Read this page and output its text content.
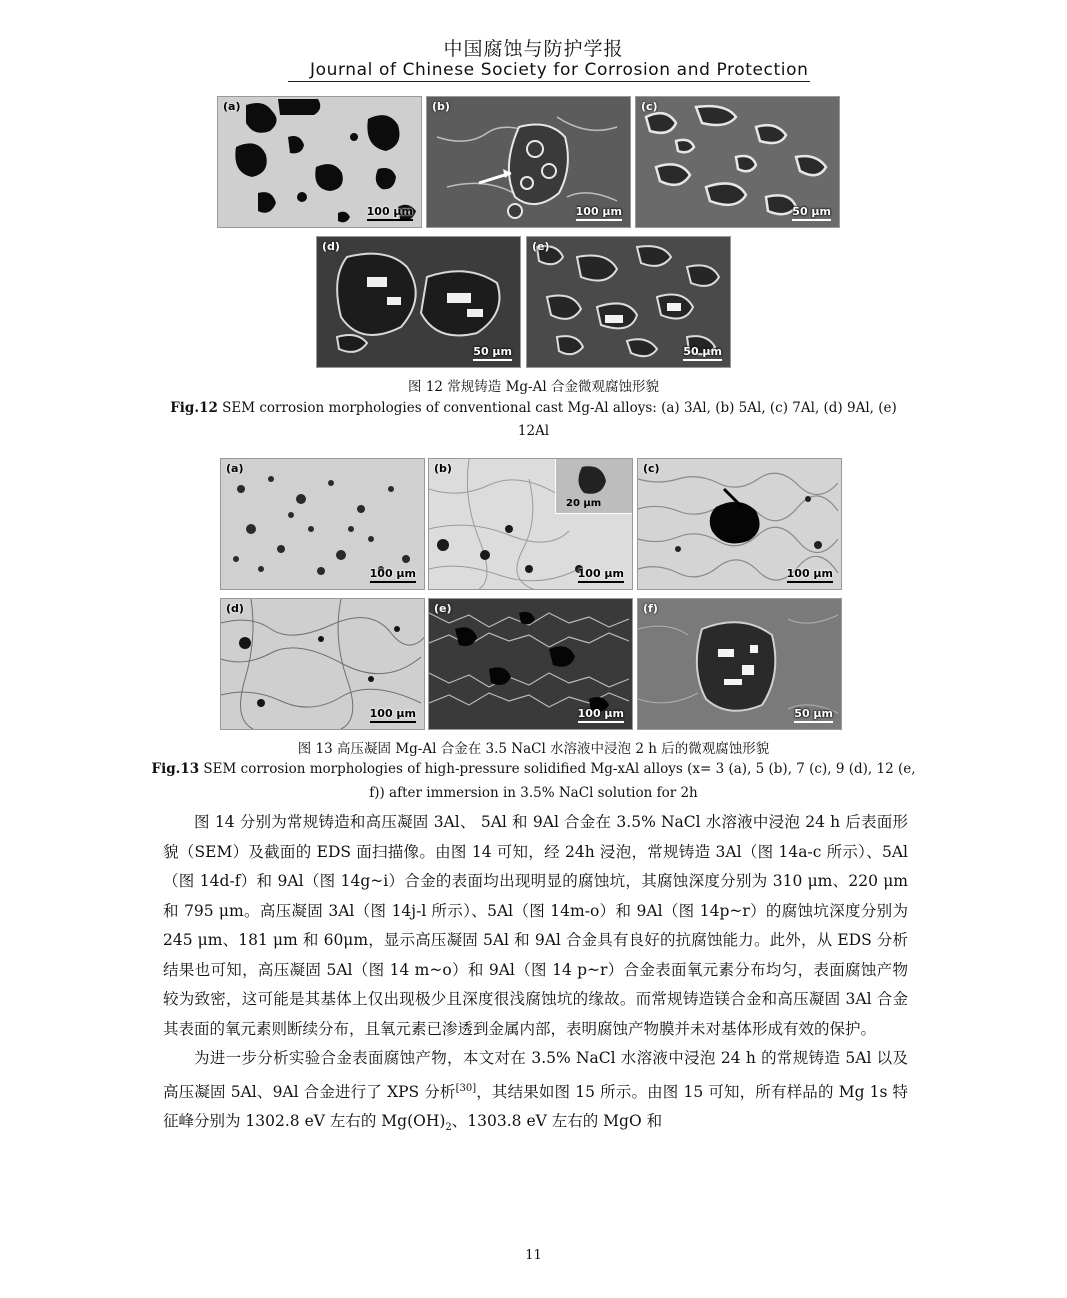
中国腐蚀与防护学报
Journal of Chinese Society for Corrosion and Protection
(a)
100 μm
(b)
100 μm
(c)
50 μm
(d)
50 μm
(e)
50 μm
图 12 常规铸造 Mg-Al 合金微观腐蚀形貌
Fig.12 SEM corrosion morphologies of conventional cast Mg-Al alloys: (a) 3Al, (b) 5Al, (c) 7Al, (d) 9Al, (e)
12Al
(a)
100 μm
20 μm
(b)
100 μm
(c)
100 μm
(d)
100 μm
(e)
100 μm
(f)
50 μm
图 13 高压凝固 Mg-Al 合金在 3.5 NaCl 水溶液中浸泡 2 h 后的微观腐蚀形貌
Fig.13 SEM corrosion morphologies of high-pressure solidified Mg-xAl alloys (x= 3 (a), 5 (b), 7 (c), 9 (d), 12 (e,
f)) after immersion in 3.5% NaCl solution for 2h

图 14 分别为常规铸造和高压凝固 3Al、 5Al 和 9Al 合金在 3.5% NaCl 水溶液中浸泡 24 h 后表面形貌（SEM）及截面的 EDS 面扫描像。由图 14 可知，经 24h 浸泡，常规铸造 3Al（图 14a-c 所示）、5Al（图 14d-f）和 9Al（图 14g~i）合金的表面均出现明显的腐蚀坑，其腐蚀深度分别为 310 μm、220 μm 和 795 μm。高压凝固 3Al（图 14j-l 所示）、5Al（图 14m-o）和 9Al（图 14p~r）的腐蚀坑深度分别为 245 μm、181 μm 和 60μm，显示高压凝固 5Al 和 9Al 合金具有良好的抗腐蚀能力。此外，从 EDS 分析结果也可知，高压凝固 5Al（图 14 m~o）和 9Al（图 14 p~r）合金表面氧元素分布均匀，表面腐蚀产物较为致密，这可能是其基体上仅出现极少且深度很浅腐蚀坑的缘故。而常规铸造镁合金和高压凝固 3Al 合金其表面的氧元素则断续分布，且氧元素已渗透到金属内部，表明腐蚀产物膜并未对基体形成有效的保护。

为进一步分析实验合金表面腐蚀产物，本文对在 3.5% NaCl 水溶液中浸泡 24 h 的常规铸造 5Al 以及高压凝固 5Al、9Al 合金进行了 XPS 分析[30]，其结果如图 15 所示。由图 15 可知，所有样品的 Mg 1s 特征峰分别为 1302.8 eV 左右的 $Mg(OH)_2$、1303.8 eV 左右的 MgO 和

11
